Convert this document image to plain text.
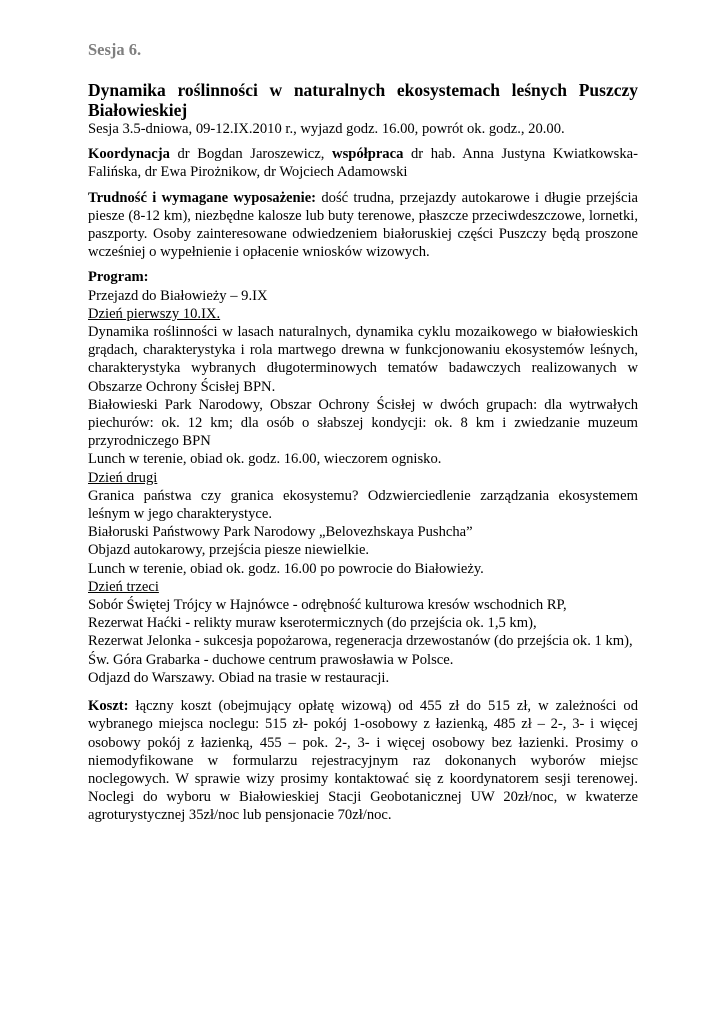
Sesja 6.

Dynamika roślinności w naturalnych ekosystemach leśnych Puszczy Białowieskiej

Sesja 3.5-dniowa, 09-12.IX.2010 r., wyjazd godz. 16.00, powrót ok. godz., 20.00.

Koordynacja dr Bogdan Jaroszewicz, współpraca dr hab. Anna Justyna Kwiatkowska-Falińska, dr Ewa Pirożnikow, dr Wojciech Adamowski

Trudność i wymagane wyposażenie: dość trudna, przejazdy autokarowe i długie przejścia piesze (8-12 km), niezbędne kalosze lub buty terenowe, płaszcze przeciwdeszczowe, lornetki, paszporty. Osoby zainteresowane odwiedzeniem białoruskiej części Puszczy będą proszone wcześniej o wypełnienie i opłacenie wniosków wizowych.

Program:

Przejazd do Białowieży – 9.IX

Dzień pierwszy 10.IX.

Dynamika roślinności w lasach naturalnych, dynamika cyklu mozaikowego w białowieskich grądach, charakterystyka i rola martwego drewna w funkcjonowaniu ekosystemów leśnych, charakterystyka wybranych długoterminowych tematów badawczych realizowanych w Obszarze Ochrony Ścisłej BPN.

Białowieski Park Narodowy, Obszar Ochrony Ścisłej w dwóch grupach: dla wytrwałych piechurów: ok. 12 km; dla osób o słabszej kondycji: ok. 8 km i zwiedzanie muzeum przyrodniczego BPN

Lunch w terenie, obiad ok. godz. 16.00, wieczorem ognisko.

Dzień drugi

Granica państwa czy granica ekosystemu? Odzwierciedlenie zarządzania ekosystemem leśnym w jego charakterystyce.

Białoruski Państwowy Park Narodowy „Belovezhskaya Pushcha”

Objazd autokarowy, przejścia piesze niewielkie.

Lunch w terenie, obiad ok. godz. 16.00 po powrocie do Białowieży.

Dzień trzeci

Sobór Świętej Trójcy w Hajnówce - odrębność kulturowa kresów wschodnich RP,

Rezerwat Haćki - relikty muraw kserotermicznych (do przejścia ok. 1,5 km),

Rezerwat Jelonka - sukcesja popożarowa, regeneracja drzewostanów (do przejścia ok. 1 km),

Św. Góra Grabarka - duchowe centrum prawosławia w Polsce.

Odjazd do Warszawy. Obiad na trasie w restauracji.

Koszt: łączny koszt (obejmujący opłatę wizową) od 455 zł do 515 zł, w zależności od wybranego miejsca noclegu: 515 zł- pokój 1-osobowy z łazienką, 485 zł – 2-, 3- i więcej osobowy pokój z łazienką, 455 – pok. 2-, 3- i więcej osobowy bez łazienki. Prosimy o niemodyfikowane w formularzu rejestracyjnym raz dokonanych wyborów miejsc noclegowych. W sprawie wizy prosimy kontaktować się z koordynatorem sesji terenowej. Noclegi do wyboru w Białowieskiej Stacji Geobotanicznej UW 20zł/noc, w kwaterze agroturystycznej 35zł/noc lub pensjonacie 70zł/noc.
